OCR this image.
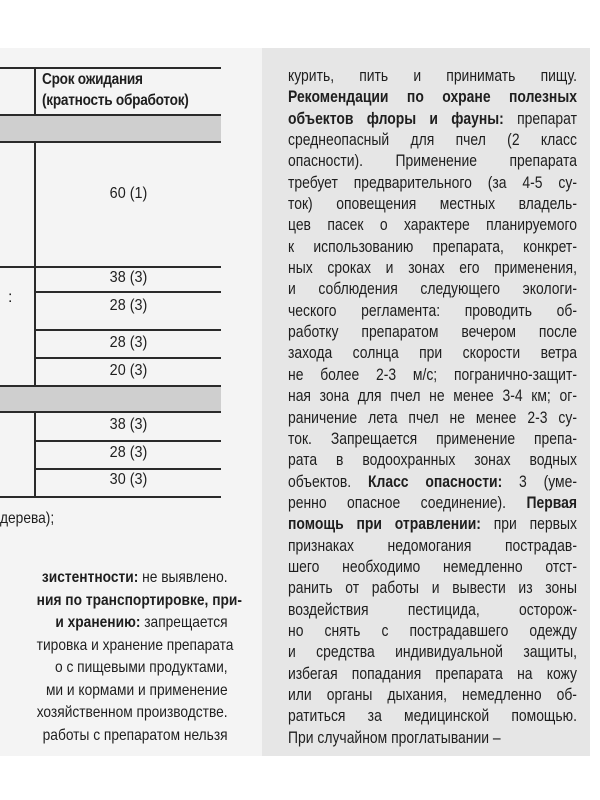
Срок ожидания
(кратность обработок)
60 (1)
38 (3)
:	28 (3)
28 (3)
20 (3)
38 (3)
28 (3)
30 (3)
дерева);
зистентности: не выявлено.
ния по транспортировке, при-
и хранению: запрещается
тировка и хранение препарата
о с пищевыми продуктами,
ми и кормами и применение
хозяйственном производстве.
работы с препаратом нельзя
курить, пить и принимать пищу.
Рекомендации по охране полезных
объектов флоры и фауны: препарат
среднеопасный для пчел (2 класс
опасности). Применение препарата
требует предварительного (за 4-5 су-
ток) оповещения местных владель-
цев пасек о характере планируемого
к использованию препарата, конкрет-
ных сроках и зонах его применения,
и соблюдения следующего экологи-
ческого регламента: проводить об-
работку препаратом вечером после
захода солнца при скорости ветра
не более 2-3 м/с; погранично-защит-
ная зона для пчел не менее 3-4 км; ог-
раничение лета пчел не менее 2-3 су-
ток. Запрещается применение препа-
рата в водоохранных зонах водных
объектов. Класс опасности: 3 (уме-
ренно опасное соединение). Первая
помощь при отравлении: при первых
признаках недомогания пострадав-
шего необходимо немедленно отст-
ранить от работы и вывести из зоны
воздействия пестицида, осторож-
но снять с пострадавшего одежду
и средства индивидуальной защиты,
избегая попадания препарата на кожу
или органы дыхания, немедленно об-
ратиться за медицинской помощью.
При случайном проглатывании –
